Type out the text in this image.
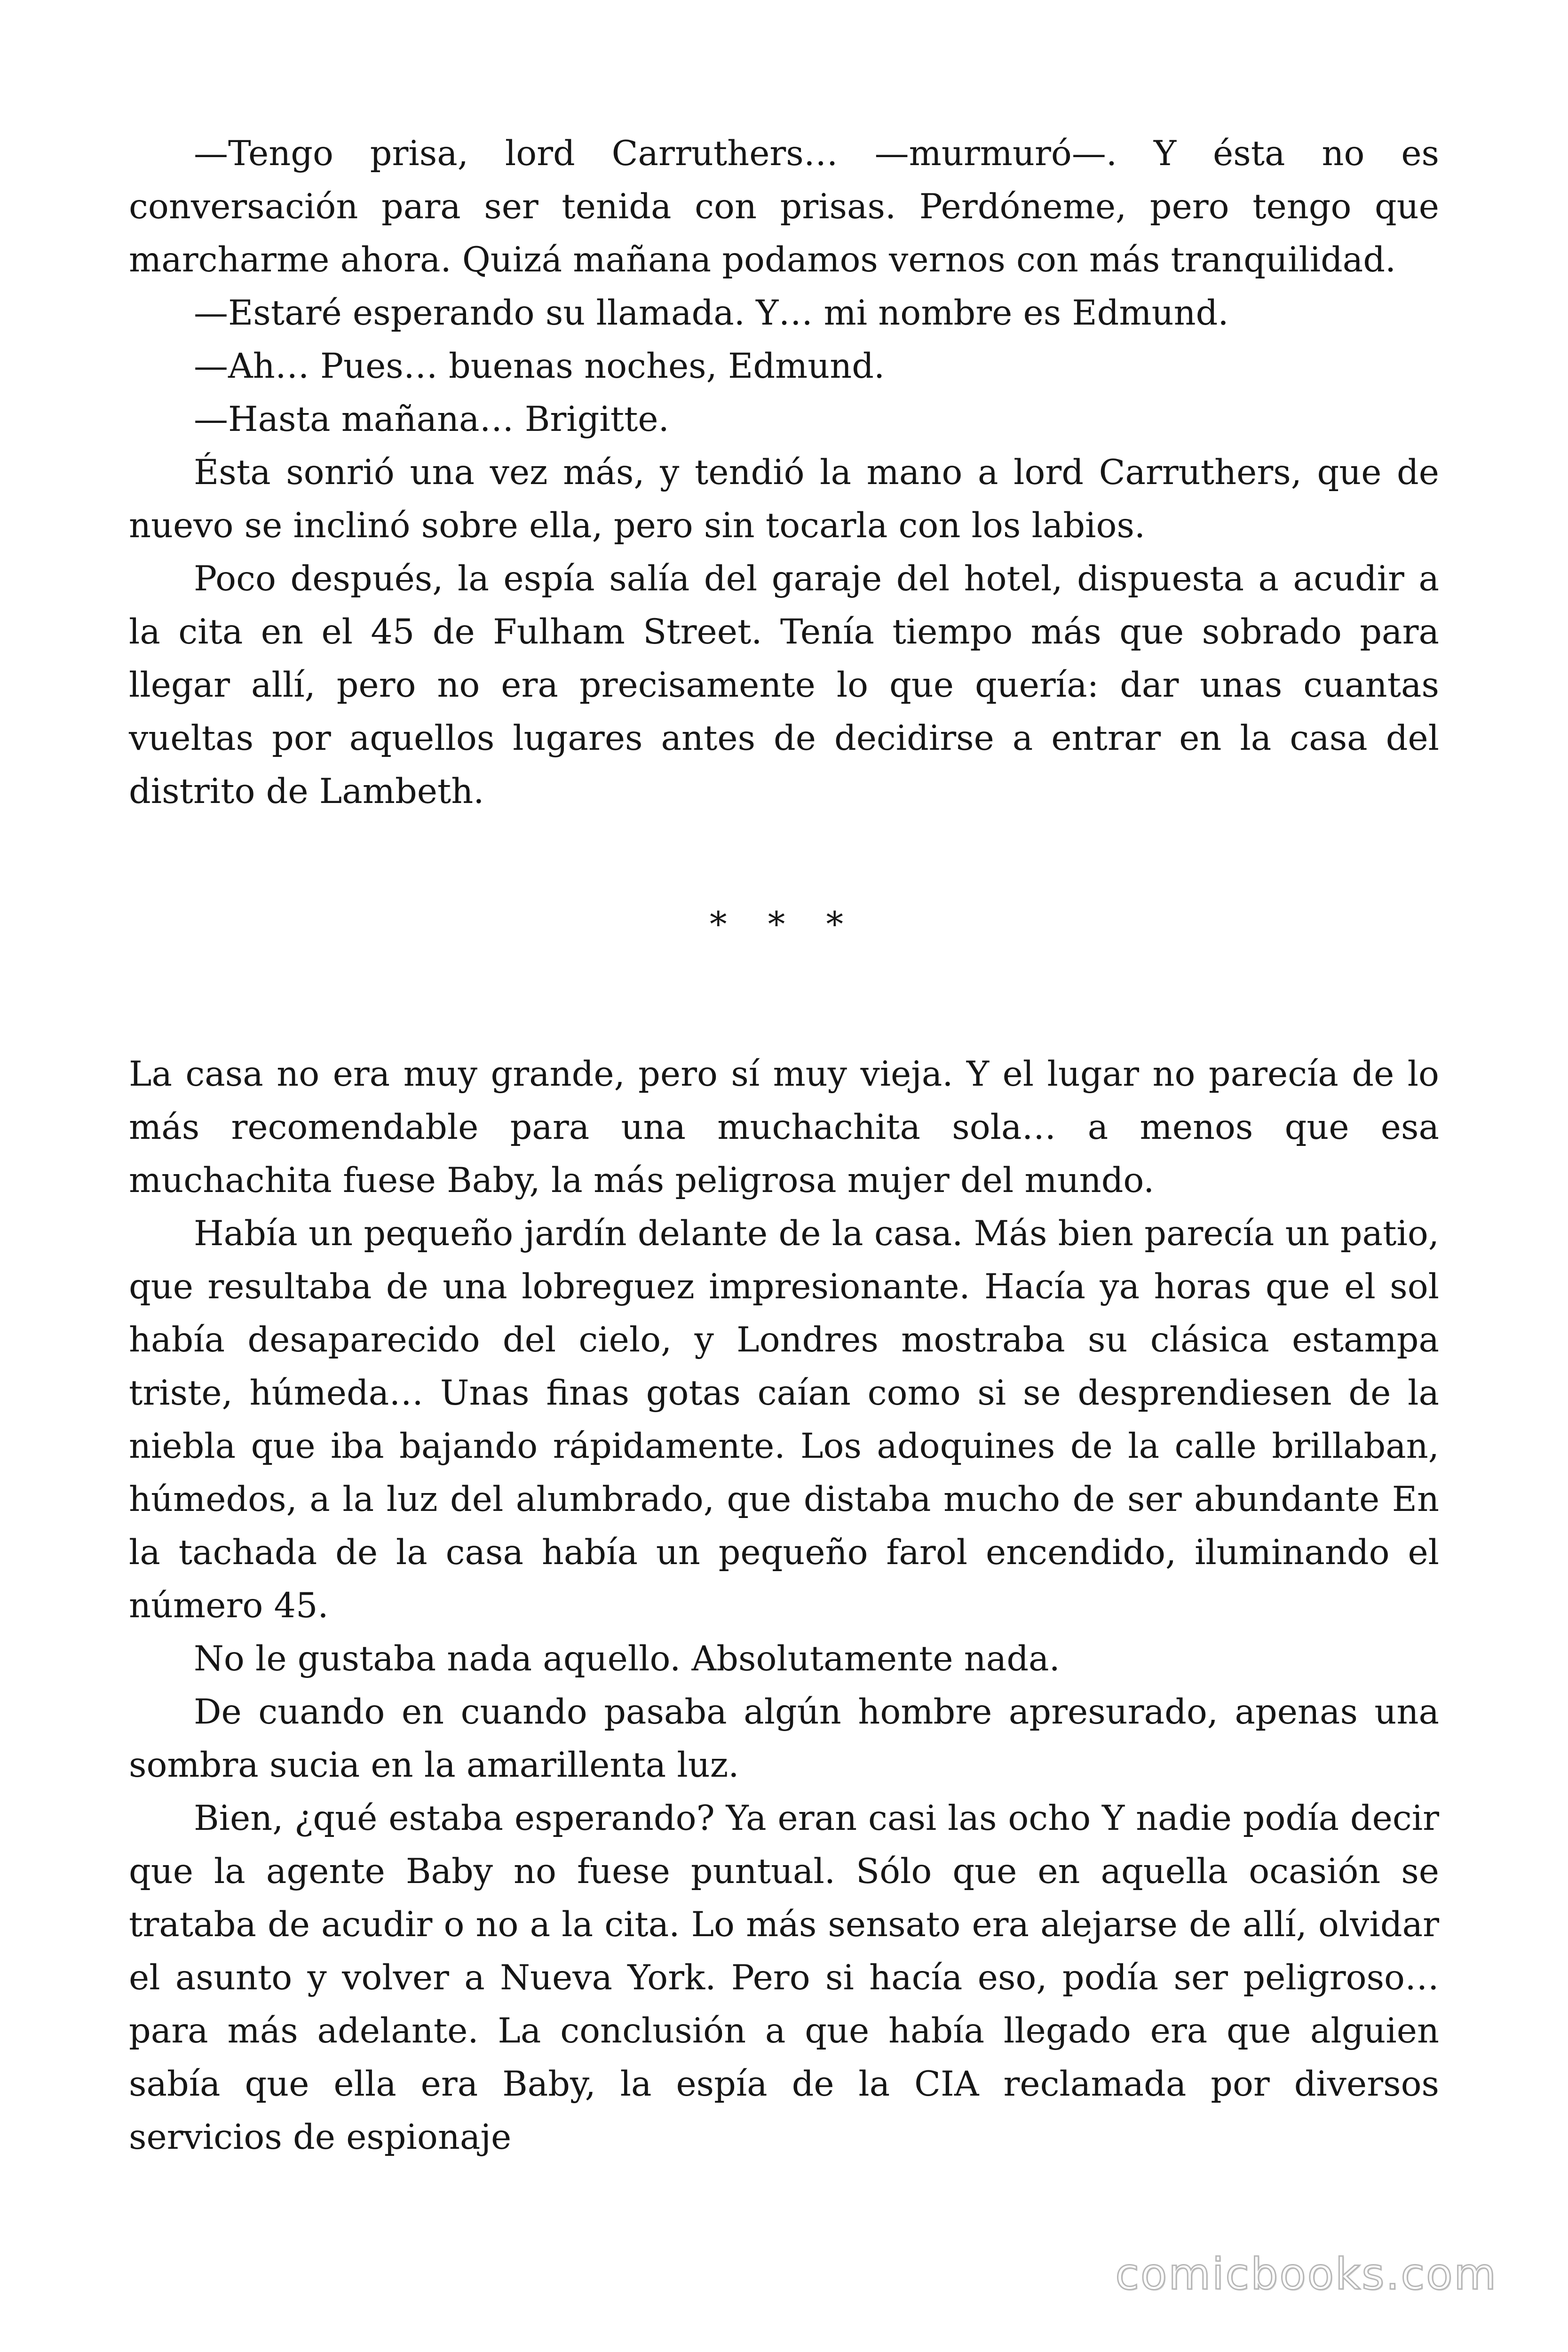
—Tengo prisa, lord Carruthers… —murmuró—. Y ésta no es conversación para ser tenida con prisas. Perdóneme, pero tengo que marcharme ahora. Quizá mañana podamos vernos con más tranquilidad.

—Estaré esperando su llamada. Y… mi nombre es Edmund.

—Ah… Pues… buenas noches, Edmund.

—Hasta mañana… Brigitte.

Ésta sonrió una vez más, y tendió la mano a lord Carruthers, que de nuevo se inclinó sobre ella, pero sin tocarla con los labios.

Poco después, la espía salía del garaje del hotel, dispuesta a acudir a la cita en el 45 de Fulham Street. Tenía tiempo más que sobrado para llegar allí, pero no era precisamente lo que quería: dar unas cuantas vueltas por aquellos lugares antes de decidirse a entrar en la casa del distrito de Lambeth.

* * *

La casa no era muy grande, pero sí muy vieja. Y el lugar no parecía de lo más recomendable para una muchachita sola… a menos que esa muchachita fuese Baby, la más peligrosa mujer del mundo.

Había un pequeño jardín delante de la casa. Más bien parecía un patio, que resultaba de una lobreguez impresionante. Hacía ya horas que el sol había desaparecido del cielo, y Londres mostraba su clásica estampa triste, húmeda… Unas finas gotas caían como si se desprendiesen de la niebla que iba bajando rápidamente. Los adoquines de la calle brillaban, húmedos, a la luz del alumbrado, que distaba mucho de ser abundante En la tachada de la casa había un pequeño farol encendido, iluminando el número 45.

No le gustaba nada aquello. Absolutamente nada.

De cuando en cuando pasaba algún hombre apresurado, apenas una sombra sucia en la amarillenta luz.

Bien, ¿qué estaba esperando? Ya eran casi las ocho Y nadie podía decir que la agente Baby no fuese puntual. Sólo que en aquella ocasión se trataba de acudir o no a la cita. Lo más sensato era alejarse de allí, olvidar el asunto y volver a Nueva York. Pero si hacía eso, podía ser peligroso… para más adelante. La conclusión a que había llegado era que alguien sabía que ella era Baby, la espía de la CIA reclamada por diversos servicios de espionaje

comicbooks.com
